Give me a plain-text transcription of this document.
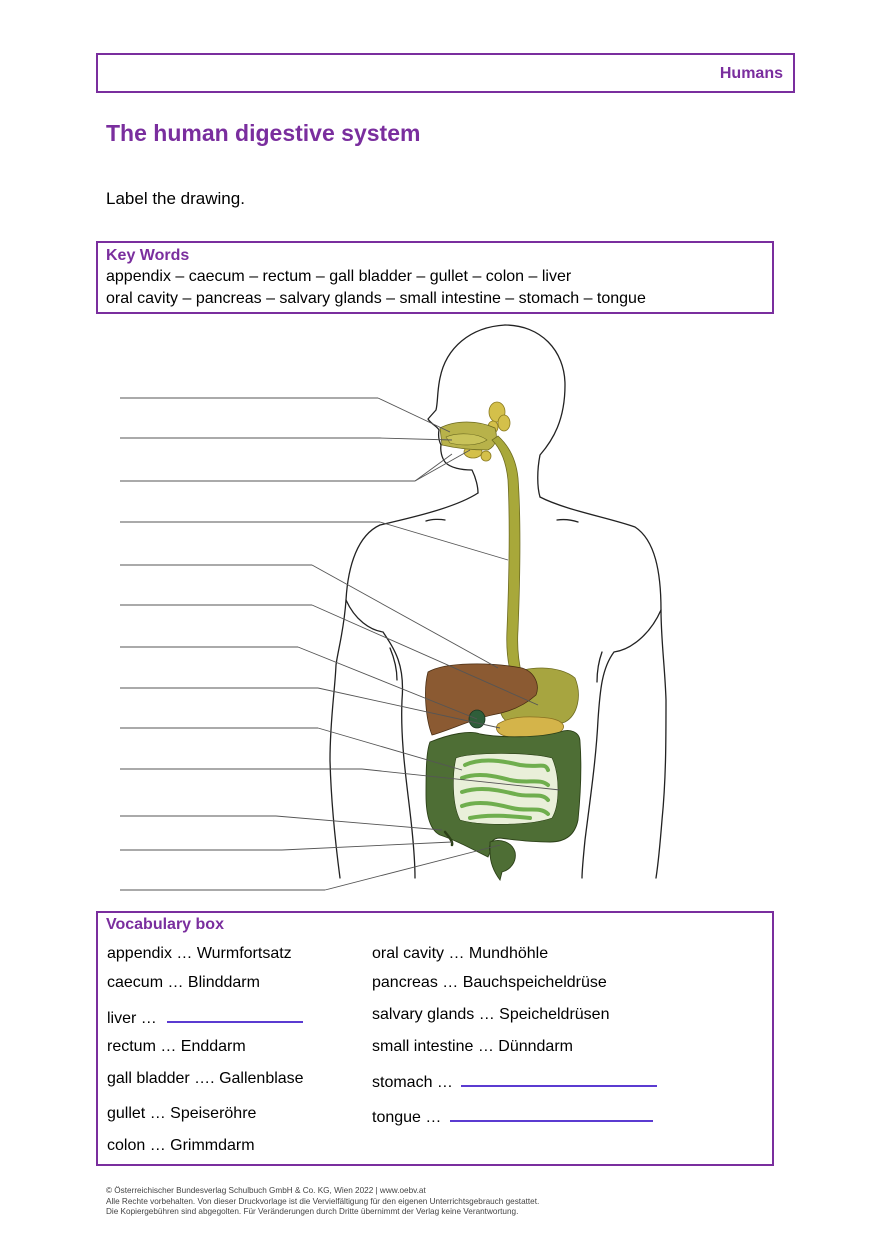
Humans
The human digestive system
Label the drawing.
Key Words
appendix – caecum – rectum – gall bladder – gullet – colon – liver
oral cavity – pancreas – salvary glands – small intestine – stomach – tongue
Vocabulary box
appendix … Wurmfortsatz
caecum … Blinddarm
liver …
rectum … Enddarm
gall bladder …. Gallenblase
gullet … Speiseröhre
colon … Grimmdarm
oral cavity … Mundhöhle
pancreas … Bauchspeicheldrüse
salvary glands … Speicheldrüsen
small intestine … Dünndarm
stomach …
tongue …
© Österreichischer Bundesverlag Schulbuch GmbH & Co. KG, Wien 2022 | www.oebv.at
Alle Rechte vorbehalten. Von dieser Druckvorlage ist die Vervielfältigung für den eigenen Unterrichtsgebrauch gestattet.
Die Kopiergebühren sind abgegolten. Für Veränderungen durch Dritte übernimmt der Verlag keine Verantwortung.
